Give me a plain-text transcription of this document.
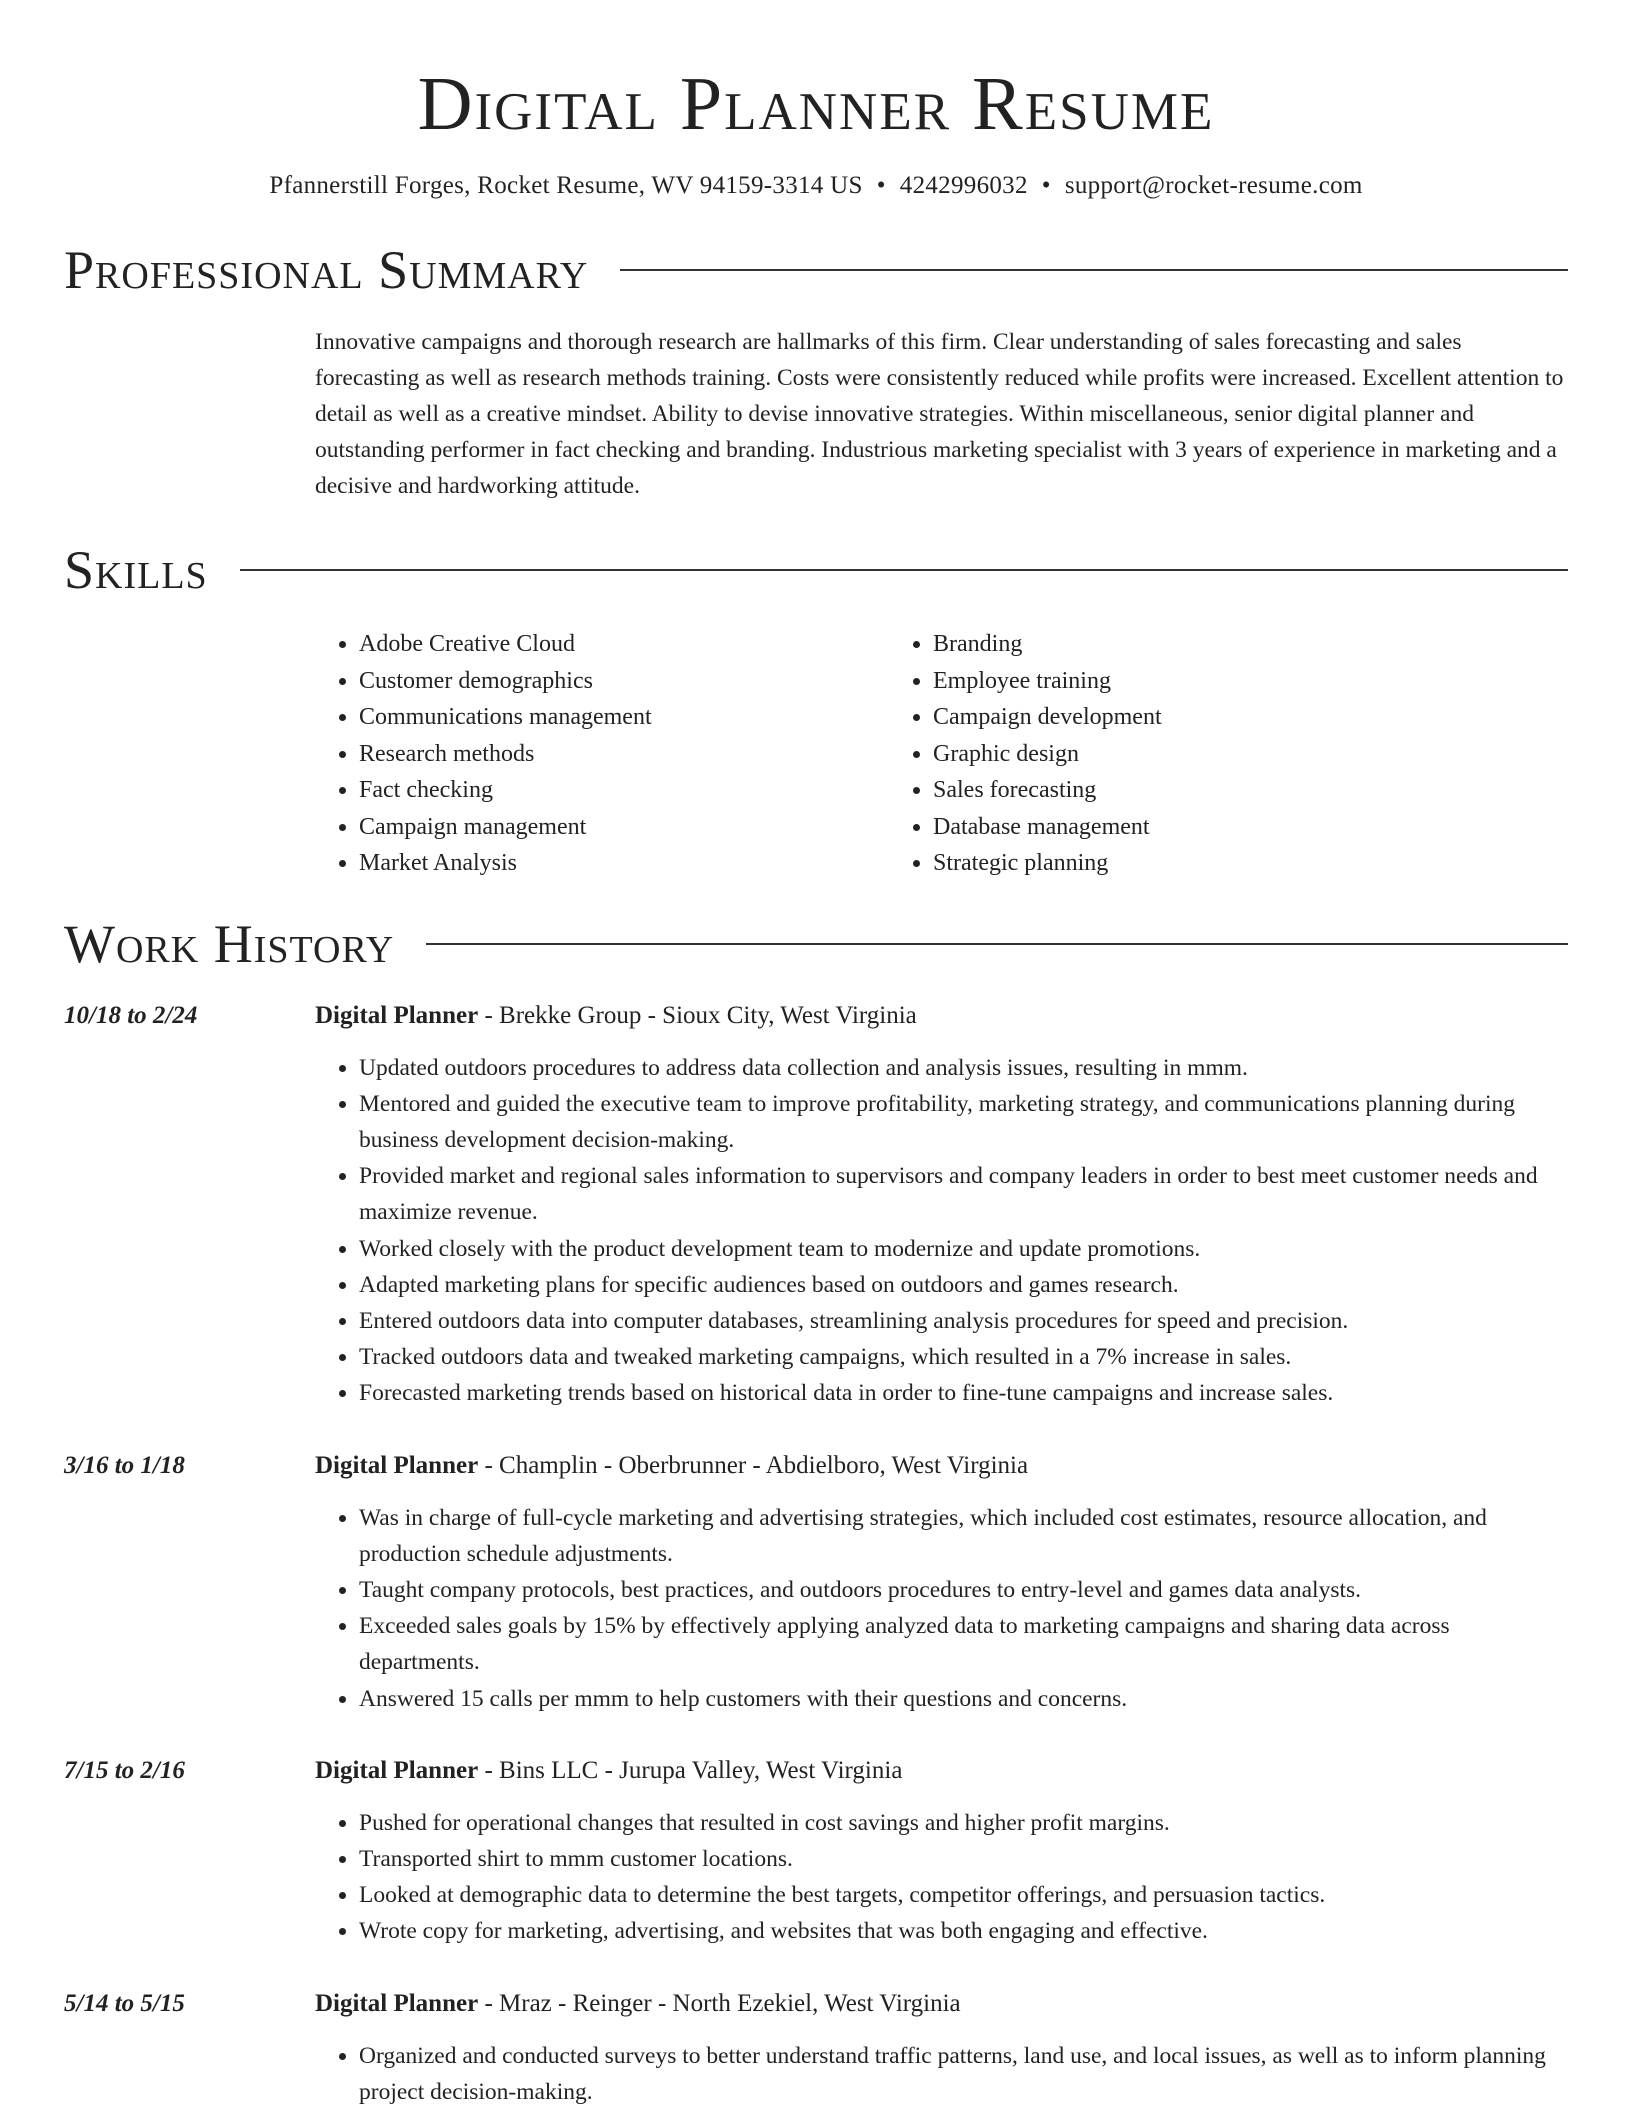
Digital Planner Resume
Pfannerstill Forges, Rocket Resume, WV 94159-3314 US • 4242996032 • support@rocket-resume.com
Professional Summary

Innovative campaigns and thorough research are hallmarks of this firm. Clear understanding of sales forecasting and sales forecasting as well as research methods training. Costs were consistently reduced while profits were increased. Excellent attention to detail as well as a creative mindset. Ability to devise innovative strategies. Within miscellaneous, senior digital planner and outstanding performer in fact checking and branding. Industrious marketing specialist with 3 years of experience in marketing and a decisive and hardworking attitude.

Skills
• Adobe Creative Cloud
• Customer demographics
• Communications management
• Research methods
• Fact checking
• Campaign management
• Market Analysis
• Branding
• Employee training
• Campaign development
• Graphic design
• Sales forecasting
• Database management
• Strategic planning
Work History
10/18 to 2/24	Digital Planner - Brekke Group - Sioux City, West Virginia
• Updated outdoors procedures to address data collection and analysis issues, resulting in mmm.
• Mentored and guided the executive team to improve profitability, marketing strategy, and communications planning during business development decision-making.
• Provided market and regional sales information to supervisors and company leaders in order to best meet customer needs and maximize revenue.
• Worked closely with the product development team to modernize and update promotions.
• Adapted marketing plans for specific audiences based on outdoors and games research.
• Entered outdoors data into computer databases, streamlining analysis procedures for speed and precision.
• Tracked outdoors data and tweaked marketing campaigns, which resulted in a 7% increase in sales.
• Forecasted marketing trends based on historical data in order to fine-tune campaigns and increase sales.
3/16 to 1/18	Digital Planner - Champlin - Oberbrunner - Abdielboro, West Virginia
• Was in charge of full-cycle marketing and advertising strategies, which included cost estimates, resource allocation, and production schedule adjustments.
• Taught company protocols, best practices, and outdoors procedures to entry-level and games data analysts.
• Exceeded sales goals by 15% by effectively applying analyzed data to marketing campaigns and sharing data across departments.
• Answered 15 calls per mmm to help customers with their questions and concerns.
7/15 to 2/16	Digital Planner - Bins LLC - Jurupa Valley, West Virginia
• Pushed for operational changes that resulted in cost savings and higher profit margins.
• Transported shirt to mmm customer locations.
• Looked at demographic data to determine the best targets, competitor offerings, and persuasion tactics.
• Wrote copy for marketing, advertising, and websites that was both engaging and effective.
5/14 to 5/15	Digital Planner - Mraz - Reinger - North Ezekiel, West Virginia
• Organized and conducted surveys to better understand traffic patterns, land use, and local issues, as well as to inform planning project decision-making.
